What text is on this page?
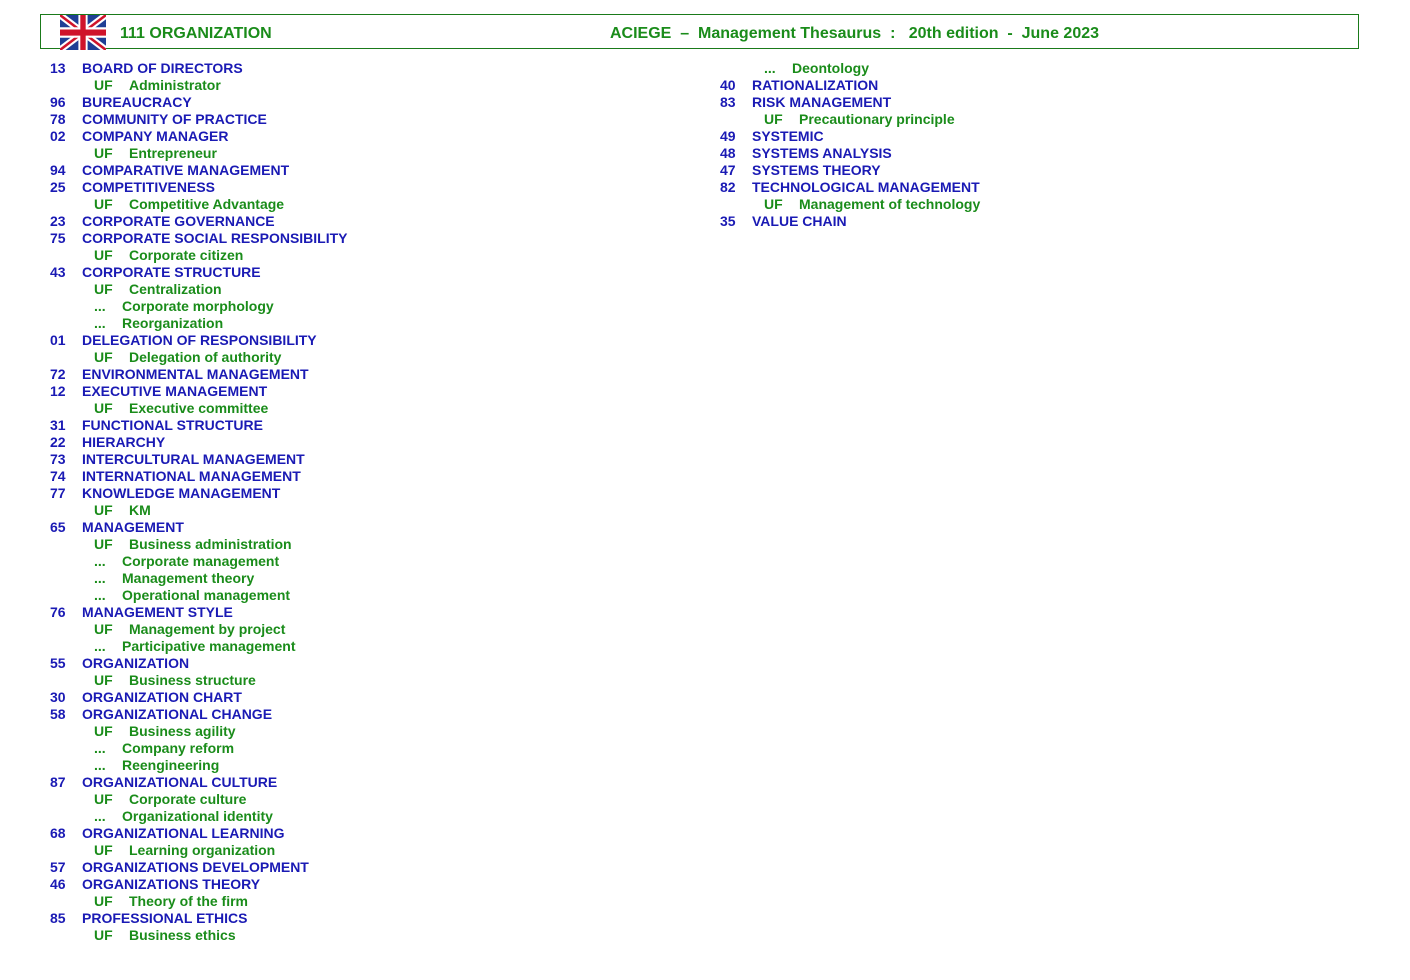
111 ORGANIZATION	ACIEGE  –  Management Thesaurus  :   20th edition  -  June 2023
13 BOARD OF DIRECTORS
UF Administrator
96 BUREAUCRACY
78 COMMUNITY OF PRACTICE
02 COMPANY MANAGER
UF Entrepreneur
94 COMPARATIVE MANAGEMENT
25 COMPETITIVENESS
UF Competitive Advantage
23 CORPORATE GOVERNANCE
75 CORPORATE SOCIAL RESPONSIBILITY
UF Corporate citizen
43 CORPORATE STRUCTURE
UF Centralization
... Corporate morphology
... Reorganization
01 DELEGATION OF RESPONSIBILITY
UF Delegation of authority
72 ENVIRONMENTAL MANAGEMENT
12 EXECUTIVE MANAGEMENT
UF Executive committee
31 FUNCTIONAL STRUCTURE
22 HIERARCHY
73 INTERCULTURAL MANAGEMENT
74 INTERNATIONAL MANAGEMENT
77 KNOWLEDGE MANAGEMENT
UF KM
65 MANAGEMENT
UF Business administration
... Corporate management
... Management theory
... Operational management
76 MANAGEMENT STYLE
UF Management by project
... Participative management
55 ORGANIZATION
UF Business structure
30 ORGANIZATION CHART
58 ORGANIZATIONAL CHANGE
UF Business agility
... Company reform
... Reengineering
87 ORGANIZATIONAL CULTURE
UF Corporate culture
... Organizational identity
68 ORGANIZATIONAL LEARNING
UF Learning organization
57 ORGANIZATIONS DEVELOPMENT
46 ORGANIZATIONS THEORY
UF Theory of the firm
85 PROFESSIONAL ETHICS
UF Business ethics
... Deontology
40 RATIONALIZATION
83 RISK MANAGEMENT
UF Precautionary principle
49 SYSTEMIC
48 SYSTEMS ANALYSIS
47 SYSTEMS THEORY
82 TECHNOLOGICAL MANAGEMENT
UF Management of technology
35 VALUE CHAIN
